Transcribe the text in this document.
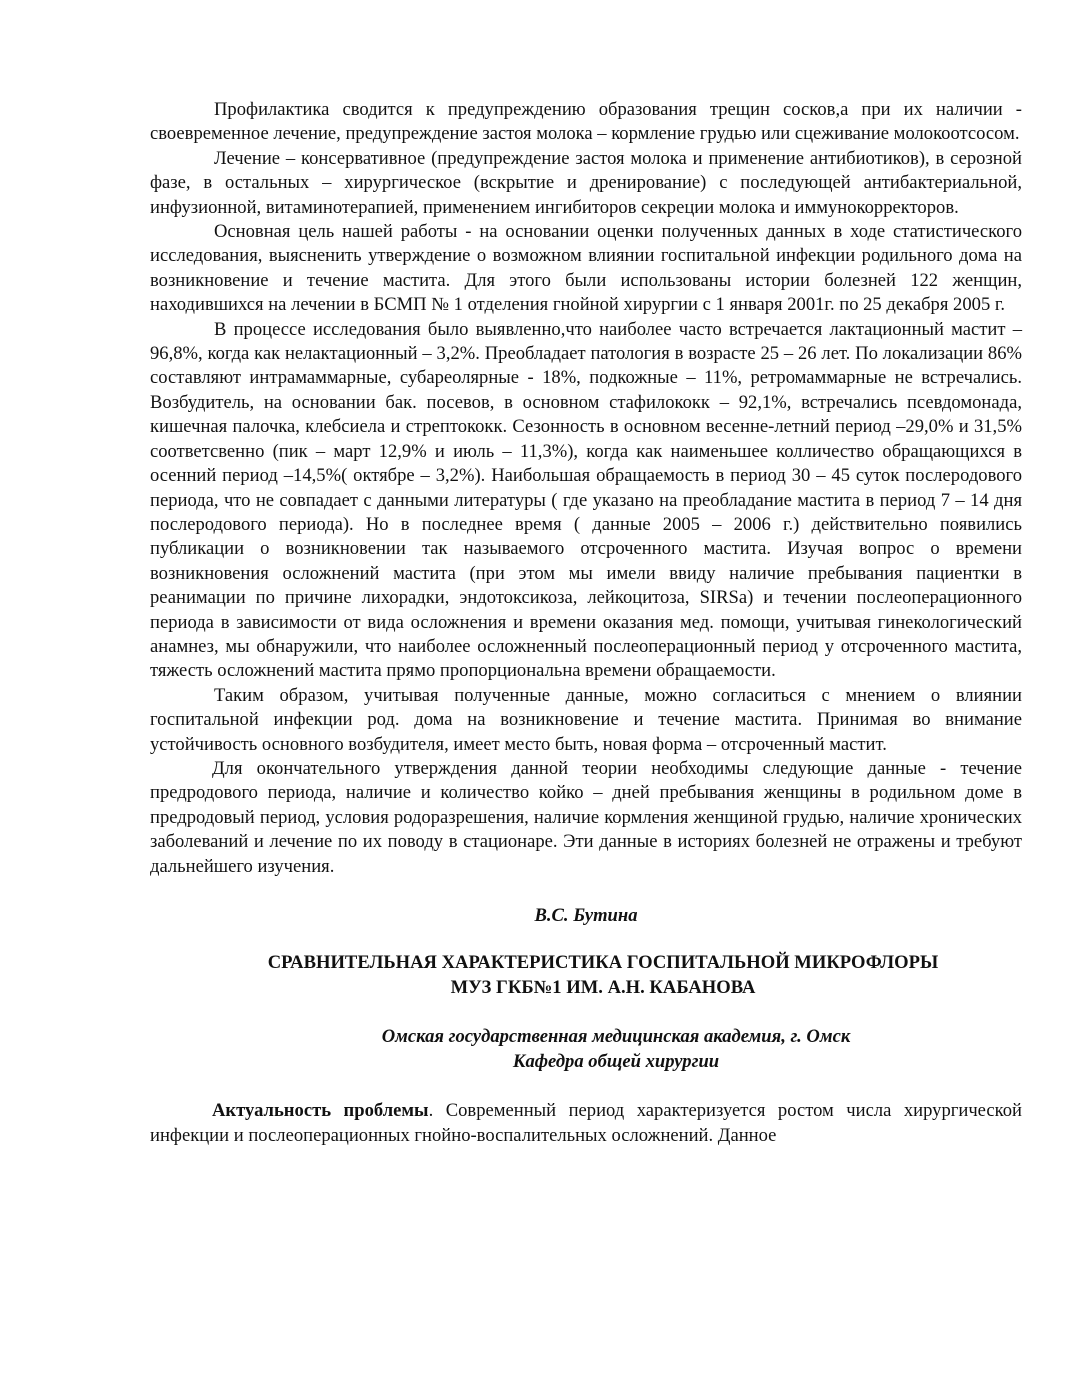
Профилактика сводится к предупреждению образования трещин сосков,а при их наличии - своевременное лечение, предупреждение застоя молока – кормление грудью или сцеживание молокоотсосом.

Лечение – консервативное (предупреждение застоя молока и применение антибиотиков), в серозной фазе, в остальных – хирургическое (вскрытие и дренирование) с последующей антибактериальной, инфузионной, витаминотерапией, применением ингибиторов секреции молока и иммунокорректоров.

Основная цель нашей работы - на основании оценки полученных данных в ходе статистического исследования, выясненить утверждение о возможном влиянии госпитальной инфекции родильного дома на возникновение и течение мастита. Для этого были использованы истории болезней 122 женщин, находившихся на лечении в БСМП № 1 отделения гнойной хирургии с 1 января 2001г. по 25 декабря 2005 г.

В процессе исследования было выявленно,что наиболее часто встречается лактационный мастит – 96,8%, когда как нелактационный – 3,2%. Преобладает патология в возрасте 25 – 26 лет. По локализации 86% составляют интрамаммарные, субареолярные - 18%, подкожные – 11%, ретромаммарные не встречались. Возбудитель, на основании бак. посевов, в основном стафилококк – 92,1%, встречались псевдомонада, кишечная палочка, клебсиела и стрептококк. Сезонность в основном весенне-летний период –29,0% и 31,5% соответсвенно (пик – март 12,9% и июль – 11,3%), когда как наименьшее колличество обращающихся в осенний период –14,5%( октябре – 3,2%). Наибольшая обращаемость в период 30 – 45 суток послеродового периода, что не совпадает с данными литературы ( где указано на преобладание мастита в период 7 – 14 дня послеродового периода). Но в последнее время ( данные 2005 – 2006 г.) действительно появились публикации о возникновении так называемого отсроченного мастита. Изучая вопрос о времени возникновения осложнений мастита (при этом мы имели ввиду наличие пребывания пациентки в реанимации по причине лихорадки, эндотоксикоза, лейкоцитоза, SIRSa) и течении послеоперационного периода в зависимости от вида осложнения и времени оказания мед. помощи, учитывая гинекологический анамнез, мы обнаружили, что наиболее осложненный послеоперационный период у отсроченного мастита, тяжесть осложнений мастита прямо пропорциональна времени обращаемости.

Таким образом, учитывая полученные данные, можно согласиться с мнением о влиянии госпитальной инфекции род. дома на возникновение и течение мастита. Принимая во внимание устойчивость основного возбудителя, имеет место быть, новая форма – отсроченный мастит.

Для окончательного утверждения данной теории необходимы следующие данные - течение предродового периода, наличие и количество койко – дней пребывания женщины в родильном доме в предродовый период, условия родоразрешения, наличие кормления женщиной грудью, наличие хронических заболеваний и лечение по их поводу в стационаре. Эти данные в историях болезней не отражены и требуют дальнейшего изучения.

В.С. Бутина

СРАВНИТЕЛЬНАЯ ХАРАКТЕРИСТИКА ГОСПИТАЛЬНОЙ МИКРОФЛОРЫ
МУЗ ГКБ№1 ИМ. А.Н. КАБАНОВА
Омская государственная медицинская академия, г. Омск
Кафедра общей хирургии

Актуальность проблемы. Современный период характеризуется ростом числа хирургической инфекции и послеоперационных гнойно-воспалительных осложнений. Данное
